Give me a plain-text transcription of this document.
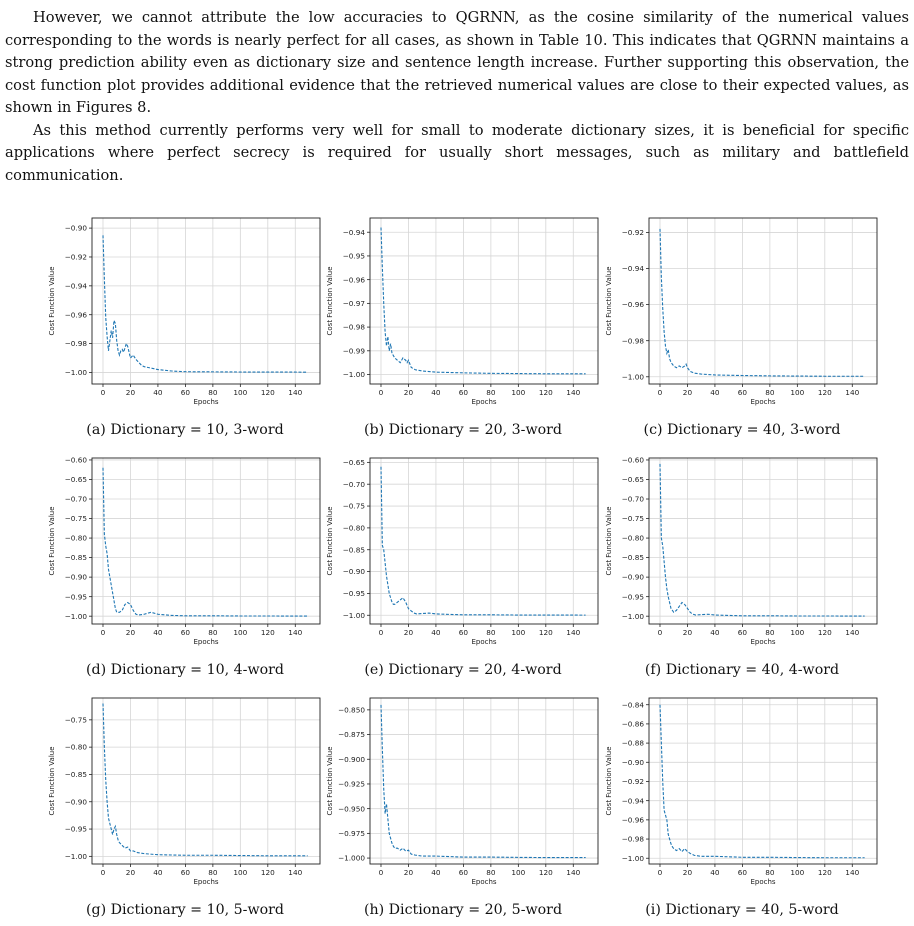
However, we cannot attribute the low accuracies to QGRNN, as the cosine similarity of the numerical values corresponding to the words is nearly perfect for all cases, as shown in Table 10. This indicates that QGRNN maintains a strong prediction ability even as dictionary size and sentence length increase. Further supporting this observation, the cost function plot provides additional evidence that the retrieved numerical values are close to their expected values, as shown in Figures 8.

As this method currently performs very well for small to moderate dictionary sizes, it is beneficial for specific applications where perfect secrecy is required for usually short messages, such as military and battlefield communication.

0	20 40 60 80 100 120 140
−1.00
−0.98
−0.96
−0.94
−0.92
−0.90
Epochs
Cost Function Value
(a) Dictionary = 10, 3-word
0	20 40 60 80 100 120 140
−1.00
−0.99
−0.98
−0.97
−0.96
−0.95
−0.94
Epochs
Cost Function Value
(b) Dictionary = 20, 3-word
0	20 40 60 80 100 120 140
−1.00
−0.98
−0.96
−0.94
−0.92
Epochs
Cost Function Value
(c) Dictionary = 40, 3-word
0	20 40 60 80 100 120 140
−1.00
−0.95
−0.90
−0.85
−0.80
−0.75
−0.70
−0.65
−0.60
Epochs
Cost Function Value
(d) Dictionary = 10, 4-word
0	20 40 60 80 100 120 140
−1.00
−0.95
−0.90
−0.85
−0.80
−0.75
−0.70
−0.65
Epochs
Cost Function Value
(e) Dictionary = 20, 4-word
0	20 40 60 80 100 120 140
−1.00
−0.95
−0.90
−0.85
−0.80
−0.75
−0.70
−0.65
−0.60
Epochs
Cost Function Value
(f) Dictionary = 40, 4-word
0	20 40 60 80 100 120 140
−1.00
−0.95
−0.90
−0.85
−0.80
−0.75
Epochs
Cost Function Value
(g) Dictionary = 10, 5-word
0	20 40 60 80 100 120 140
−1.000
−0.975
−0.950
−0.925
−0.900
−0.875
−0.850
Epochs
Cost Function Value
(h) Dictionary = 20, 5-word
0	20 40 60 80 100 120 140
−1.00
−0.98
−0.96
−0.94
−0.92
−0.90
−0.88
−0.86
−0.84
Epochs
Cost Function Value
(i) Dictionary = 40, 5-word
